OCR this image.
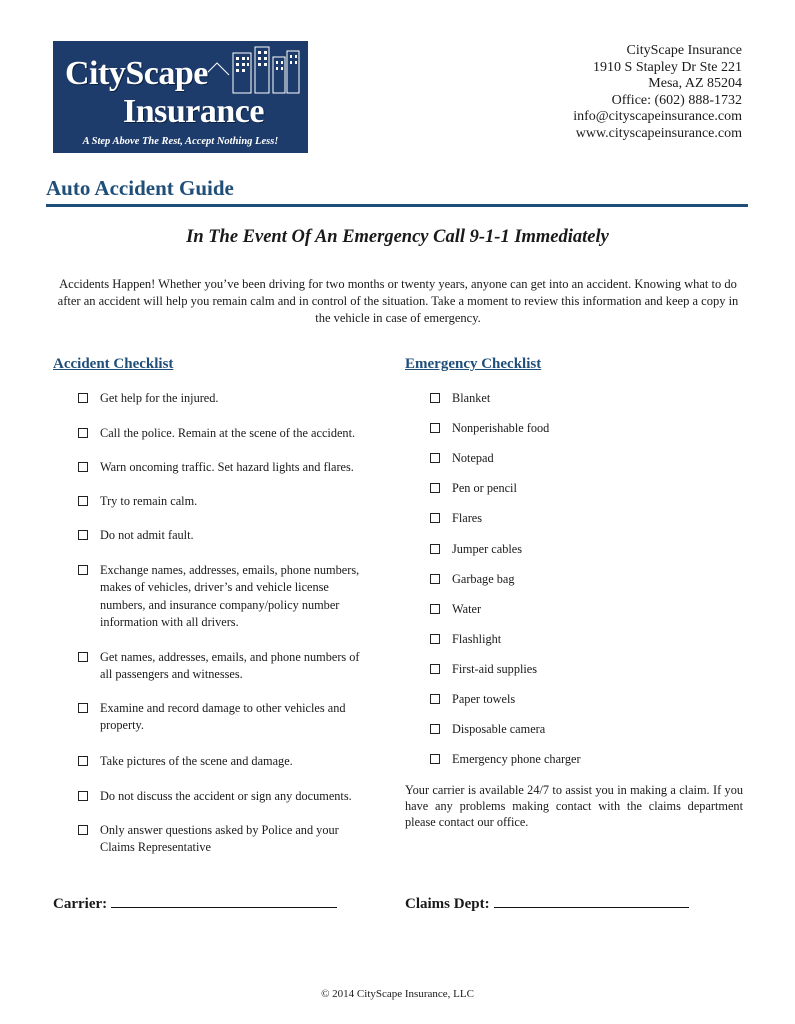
CityScape
Insurance
A Step Above The Rest, Accept Nothing Less!
CityScape Insurance
1910 S Stapley Dr Ste 221
Mesa, AZ 85204
Office: (602) 888-1732
info@cityscapeinsurance.com
www.cityscapeinsurance.com
Auto Accident Guide
In The Event Of An Emergency Call 9-1-1 Immediately
Accidents Happen! Whether you’ve been driving for two months or twenty years, anyone can get into an accident. Knowing what to do after an accident will help you remain calm and in control of the situation. Take a moment to review this information and keep a copy in the vehicle in case of emergency.
Accident Checklist
Get help for the injured.
Call the police. Remain at the scene of the accident.
Warn oncoming traffic. Set hazard lights and flares.
Try to remain calm.
Do not admit fault.
Exchange names, addresses, emails, phone numbers,
makes of vehicles, driver’s and vehicle license
numbers, and insurance company/policy number
information with all drivers.
Get names, addresses, emails, and phone numbers of
all passengers and witnesses.
Examine and record damage to other vehicles and
property.
Take pictures of the scene and damage.
Do not discuss the accident or sign any documents.
Only answer questions asked by Police and your
Claims Representative
Emergency Checklist
Blanket
Nonperishable food
Notepad
Pen or pencil
Flares
Jumper cables
Garbage bag
Water
Flashlight
First-aid supplies
Paper towels
Disposable camera
Emergency phone charger
Your carrier is available 24/7 to assist you in making a claim. If you have any problems making contact with the claims department please contact our office.
Carrier:	Claims Dept:
© 2014 CityScape Insurance, LLC
